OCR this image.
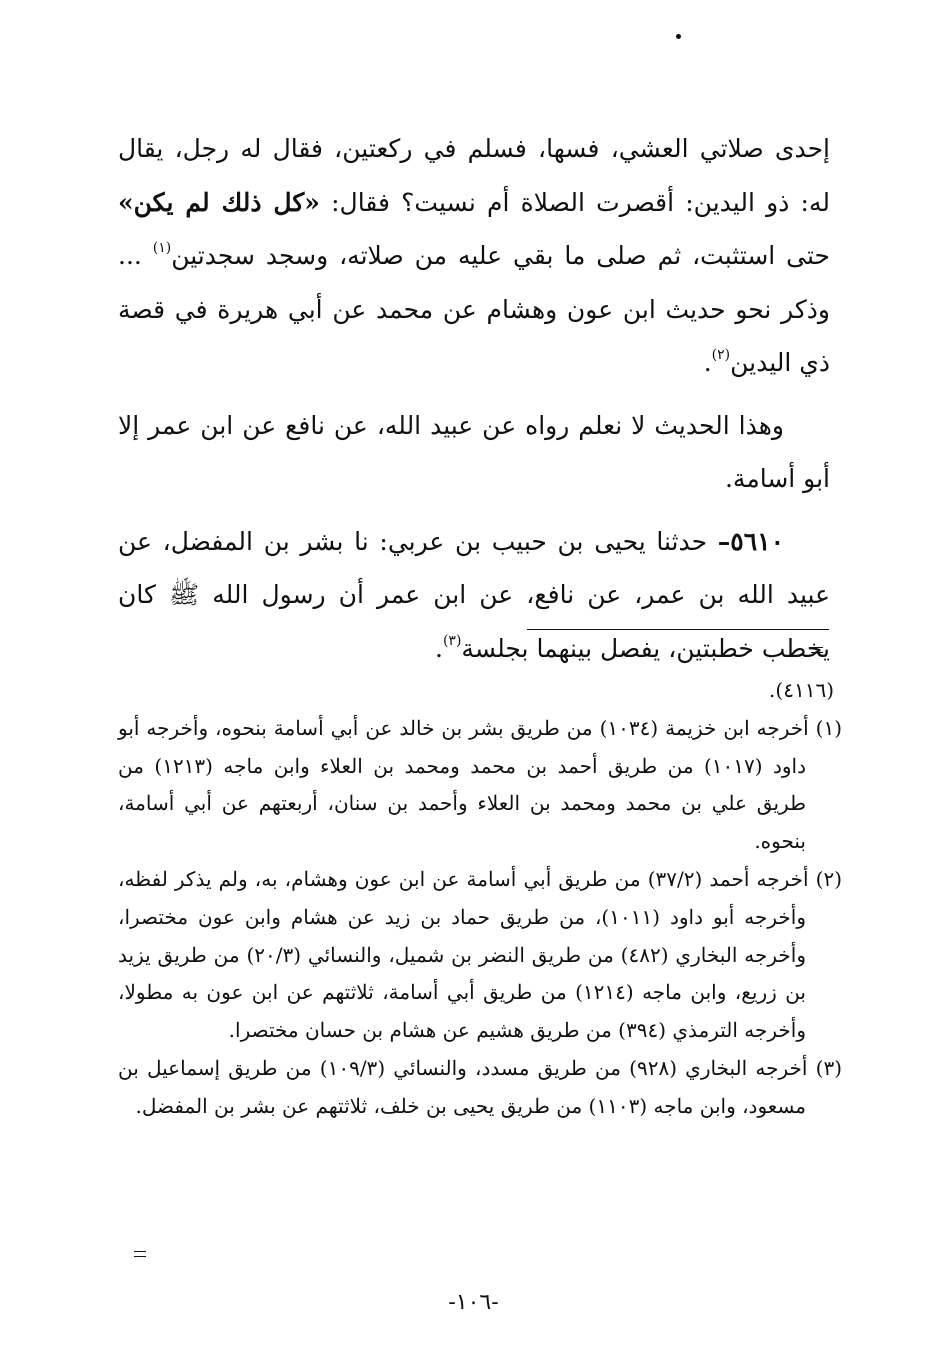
إحدى صلاتي العشي، فسها، فسلم في ركعتين، فقال له رجل، يقال له: ذو اليدين: أقصرت الصلاة أم نسيت؟ فقال: «كل ذلك لم يكن» حتى استثبت، ثم صلى ما بقي عليه من صلاته، وسجد سجدتين$^{(١)}$ ... وذكر نحو حديث ابن عون وهشام عن محمد عن أبي هريرة في قصة ذي اليدين$^{(٢)}$.

وهذا الحديث لا نعلم رواه عن عبيد الله، عن نافع عن ابن عمر إلا أبو أسامة.

٥٦١٠– حدثنا يحيى بن حبيب بن عربي: نا بشر بن المفضل، عن عبيد الله بن عمر، عن نافع، عن ابن عمر أن رسول الله ﷺ كان يخطب خطبتين، يفصل بينهما بجلسة$^{(٣)}$.

(٤١١٦).

(١) أخرجه ابن خزيمة (١٠٣٤) من طريق بشر بن خالد عن أبي أسامة بنحوه، وأخرجه أبو داود (١٠١٧) من طريق أحمد بن محمد ومحمد بن العلاء وابن ماجه (١٢١٣) من طريق علي بن محمد ومحمد بن العلاء وأحمد بن سنان، أربعتهم عن أبي أسامة، بنحوه.

(٢) أخرجه أحمد (٣٧/٢) من طريق أبي أسامة عن ابن عون وهشام، به، ولم يذكر لفظه، وأخرجه أبو داود (١٠١١)، من طريق حماد بن زيد عن هشام وابن عون مختصرا، وأخرجه البخاري (٤٨٢) من طريق النضر بن شميل، والنسائي (٢٠/٣) من طريق يزيد بن زريع، وابن ماجه (١٢١٤) من طريق أبي أسامة، ثلاثتهم عن ابن عون به مطولا، وأخرجه الترمذي (٣٩٤) من طريق هشيم عن هشام بن حسان مختصرا.

(٣) أخرجه البخاري (٩٢٨) من طريق مسدد، والنسائي (١٠٩/٣) من طريق إسماعيل بن مسعود، وابن ماجه (١١٠٣) من طريق يحيى بن خلف، ثلاثتهم عن بشر بن المفضل.

-١٠٦-
